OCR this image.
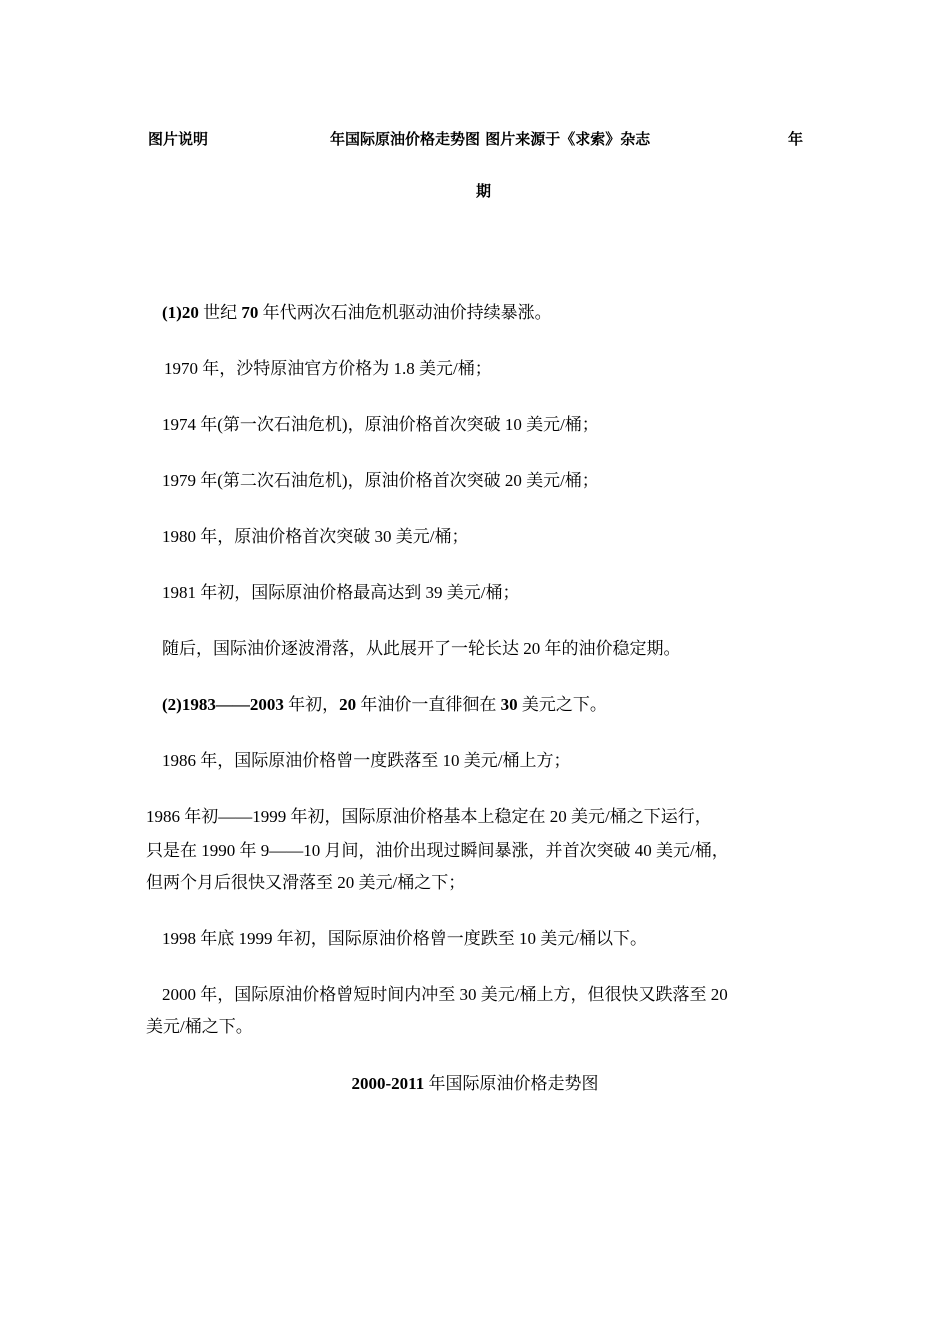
图片说明	年国际原油价格走势图 图片来源于《求索》杂志	年
期
(1)20 世纪 70 年代两次石油危机驱动油价持续暴涨。
1970 年，沙特原油官方价格为 1.8 美元/桶；
1974 年(第一次石油危机)，原油价格首次突破 10 美元/桶；
1979 年(第二次石油危机)，原油价格首次突破 20 美元/桶；
1980 年，原油价格首次突破 30 美元/桶；
1981 年初，国际原油价格最高达到 39 美元/桶；
随后，国际油价逐波滑落，从此展开了一轮长达 20 年的油价稳定期。
(2)1983——2003 年初，20 年油价一直徘徊在 30 美元之下。
1986 年，国际原油价格曾一度跌落至 10 美元/桶上方；
1986 年初——1999 年初，国际原油价格基本上稳定在 20 美元/桶之下运行，
只是在 1990 年 9——10 月间，油价出现过瞬间暴涨，并首次突破 40 美元/桶，
但两个月后很快又滑落至 20 美元/桶之下；
1998 年底 1999 年初，国际原油价格曾一度跌至 10 美元/桶以下。
2000 年，国际原油价格曾短时间内冲至 30 美元/桶上方，但很快又跌落至 20
美元/桶之下。
2000-2011 年国际原油价格走势图
